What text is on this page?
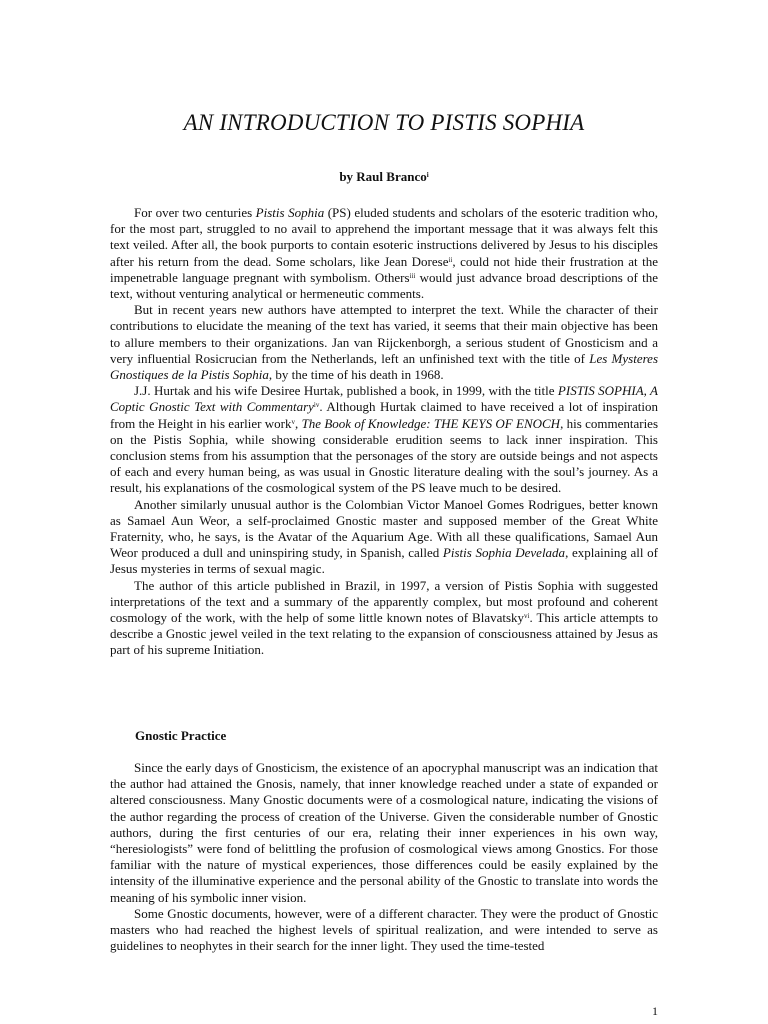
AN INTRODUCTION TO PISTIS SOPHIA

by Raul Branco$^i$

For over two centuries Pistis Sophia (PS) eluded students and scholars of the esoteric tradition who, for the most part, struggled to no avail to apprehend the important message that it was always felt this text veiled. After all, the book purports to contain esoteric instructions delivered by Jesus to his disciples after his return from the dead. Some scholars, like Jean Dorese$^{ii}$, could not hide their frustration at the impenetrable language pregnant with symbolism. Others$^{iii}$ would just advance broad descriptions of the text, without venturing analytical or hermeneutic comments.

But in recent years new authors have attempted to interpret the text. While the character of their contributions to elucidate the meaning of the text has varied, it seems that their main objective has been to allure members to their organizations. Jan van Rijckenborgh, a serious student of Gnosticism and a very influential Rosicrucian from the Netherlands, left an unfinished text with the title of Les Mysteres Gnostiques de la Pistis Sophia, by the time of his death in 1968.

J.J. Hurtak and his wife Desiree Hurtak, published a book, in 1999, with the title PISTIS SOPHIA, A Coptic Gnostic Text with Commentary$^{iv}$. Although Hurtak claimed to have received a lot of inspiration from the Height in his earlier work$^v$, The Book of Knowledge: THE KEYS OF ENOCH, his commentaries on the Pistis Sophia, while showing considerable erudition seems to lack inner inspiration. This conclusion stems from his assumption that the personages of the story are outside beings and not aspects of each and every human being, as was usual in Gnostic literature dealing with the soul’s journey. As a result, his explanations of the cosmological system of the PS leave much to be desired.

Another similarly unusual author is the Colombian Victor Manoel Gomes Rodrigues, better known as Samael Aun Weor, a self-proclaimed Gnostic master and supposed member of the Great White Fraternity, who, he says, is the Avatar of the Aquarium Age. With all these qualifications, Samael Aun Weor produced a dull and uninspiring study, in Spanish, called Pistis Sophia Develada, explaining all of Jesus mysteries in terms of sexual magic.

The author of this article published in Brazil, in 1997, a version of Pistis Sophia with suggested interpretations of the text and a summary of the apparently complex, but most profound and coherent cosmology of the work, with the help of some little known notes of Blavatsky$^{vi}$. This article attempts to describe a Gnostic jewel veiled in the text relating to the expansion of consciousness attained by Jesus as part of his supreme Initiation.

Gnostic Practice

Since the early days of Gnosticism, the existence of an apocryphal manuscript was an indication that the author had attained the Gnosis, namely, that inner knowledge reached under a state of expanded or altered consciousness. Many Gnostic documents were of a cosmological nature, indicating the visions of the author regarding the process of creation of the Universe. Given the considerable number of Gnostic authors, during the first centuries of our era, relating their inner experiences in his own way, “heresiologists” were fond of belittling the profusion of cosmological views among Gnostics. For those familiar with the nature of mystical experiences, those differences could be easily explained by the intensity of the illuminative experience and the personal ability of the Gnostic to translate into words the meaning of his symbolic inner vision.

Some Gnostic documents, however, were of a different character. They were the product of Gnostic masters who had reached the highest levels of spiritual realization, and were intended to serve as guidelines to neophytes in their search for the inner light. They used the time-tested

1
